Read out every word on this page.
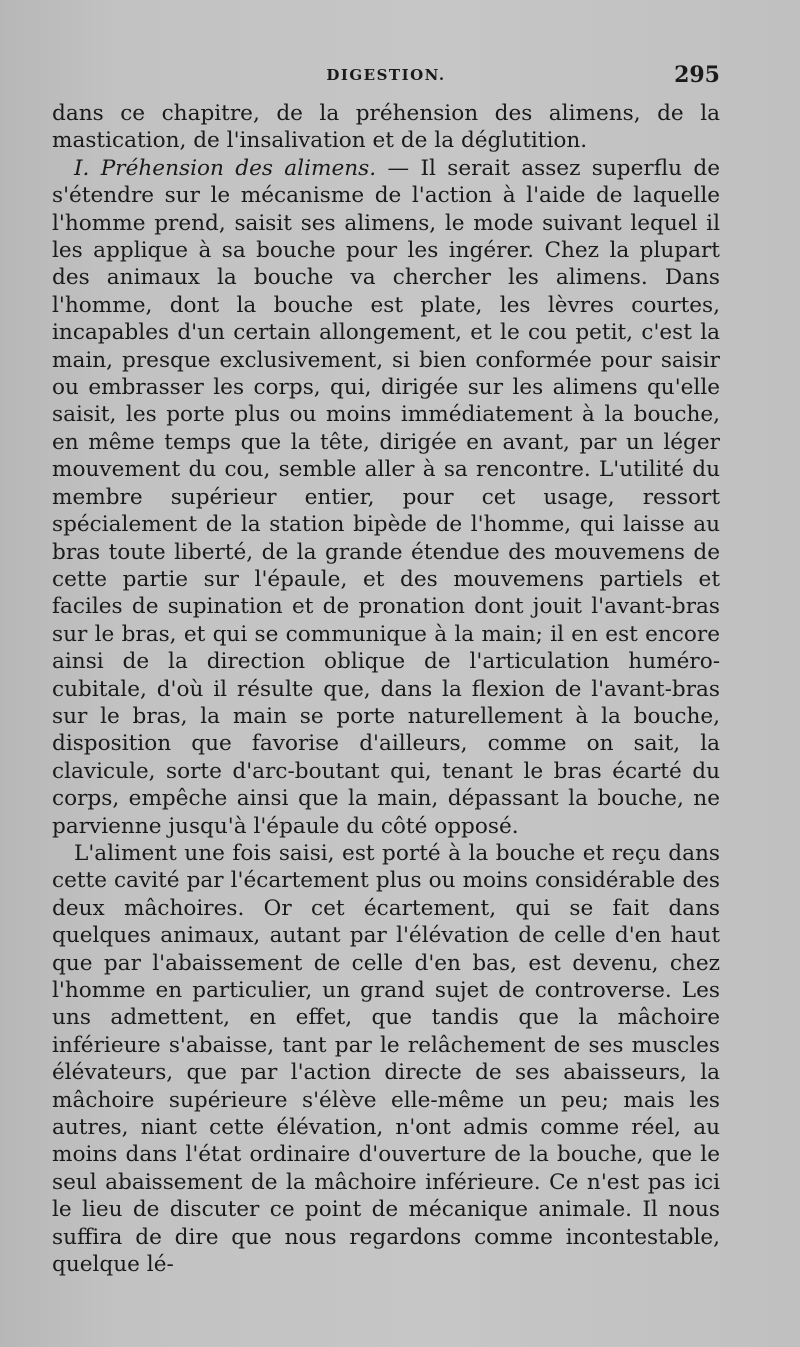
DIGESTION.	295

dans ce chapitre, de la préhension des alimens, de la mastication, de l'insalivation et de la déglutition.

I. Préhension des alimens. — Il serait assez superflu de s'étendre sur le mécanisme de l'action à l'aide de laquelle l'homme prend, saisit ses alimens, le mode suivant lequel il les applique à sa bouche pour les ingérer. Chez la plupart des animaux la bouche va chercher les alimens. Dans l'homme, dont la bouche est plate, les lèvres courtes, incapables d'un certain allongement, et le cou petit, c'est la main, presque exclusivement, si bien conformée pour saisir ou embrasser les corps, qui, dirigée sur les alimens qu'elle saisit, les porte plus ou moins immédiatement à la bouche, en même temps que la tête, dirigée en avant, par un léger mouvement du cou, semble aller à sa rencontre. L'utilité du membre supérieur entier, pour cet usage, ressort spécialement de la station bipède de l'homme, qui laisse au bras toute liberté, de la grande étendue des mouvemens de cette partie sur l'épaule, et des mouvemens partiels et faciles de supination et de pronation dont jouit l'avant-bras sur le bras, et qui se communique à la main; il en est encore ainsi de la direction oblique de l'articulation huméro-cubitale, d'où il résulte que, dans la flexion de l'avant-bras sur le bras, la main se porte naturellement à la bouche, disposition que favorise d'ailleurs, comme on sait, la clavicule, sorte d'arc-boutant qui, tenant le bras écarté du corps, empêche ainsi que la main, dépassant la bouche, ne parvienne jusqu'à l'épaule du côté opposé.

L'aliment une fois saisi, est porté à la bouche et reçu dans cette cavité par l'écartement plus ou moins considérable des deux mâchoires. Or cet écartement, qui se fait dans quelques animaux, autant par l'élévation de celle d'en haut que par l'abaissement de celle d'en bas, est devenu, chez l'homme en particulier, un grand sujet de controverse. Les uns admettent, en effet, que tandis que la mâchoire inférieure s'abaisse, tant par le relâchement de ses muscles élévateurs, que par l'action directe de ses abaisseurs, la mâchoire supérieure s'élève elle-même un peu; mais les autres, niant cette élévation, n'ont admis comme réel, au moins dans l'état ordinaire d'ouverture de la bouche, que le seul abaissement de la mâchoire inférieure. Ce n'est pas ici le lieu de discuter ce point de mécanique animale. Il nous suffira de dire que nous regardons comme incontestable, quelque lé-
